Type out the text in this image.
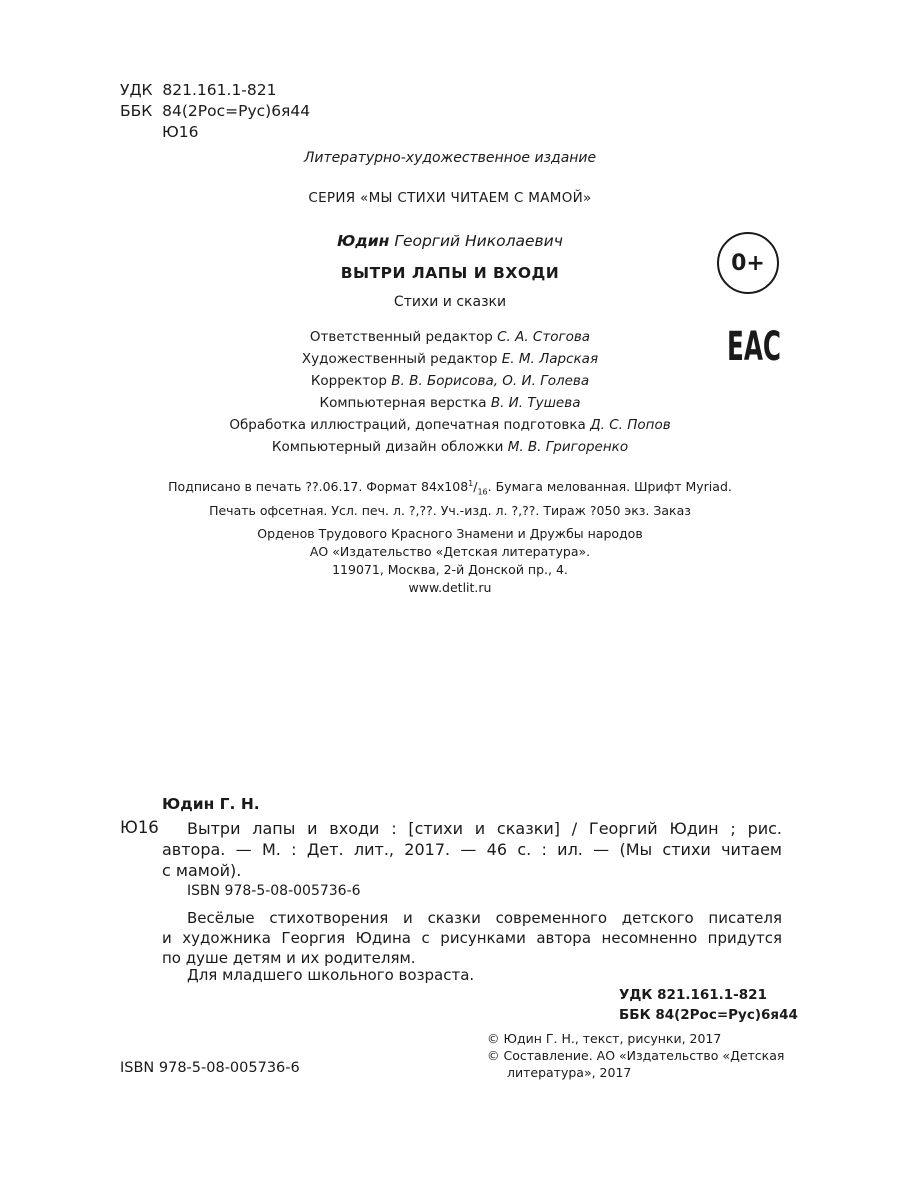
УДК 821.161.1-821
ББК 84(2Рос=Рус)6я44
Ю16
Литературно-художественное издание
СЕРИЯ «МЫ СТИХИ ЧИТАЕМ С МАМОЙ»
Юдин Георгий Николаевич
ВЫТРИ ЛАПЫ И ВХОДИ
Стихи и сказки
0+
EAC
Ответственный редактор С. А. Стогова
Художественный редактор Е. М. Ларская
Корректор В. В. Борисова, О. И. Голева
Компьютерная верстка В. И. Тушева
Обработка иллюстраций, допечатная подготовка Д. С. Попов
Компьютерный дизайн обложки М. В. Григоренко
Подписано в печать ??.06.17. Формат $84х108^1/_{16}$. Бумага мелованная. Шрифт Myriad.
Печать офсетная. Усл. печ. л. ?,??. Уч.-изд. л. ?,??. Тираж ?050 экз. Заказ
Орденов Трудового Красного Знамени и Дружбы народов
АО «Издательство «Детская литература».
119071, Москва, 2-й Донской пр., 4.
www.detlit.ru
Юдин Г. Н.
Ю16	Вытри лапы и входи : [стихи и сказки] / Георгий Юдин ; рис.
автора. — М. : Дет. лит., 2017. — 46 с. : ил. — (Мы стихи читаем
с мамой).
ISBN 978-5-08-005736-6
Весёлые стихотворения и сказки современного детского писателя
и художника Георгия Юдина с рисунками автора несомненно придутся
по душе детям и их родителям.
Для младшего школьного возраста.
УДК 821.161.1-821
ББК 84(2Рос=Рус)6я44
© Юдин Г. Н., текст, рисунки, 2017
© Составление. АО «Издательство «Детская литература», 2017
ISBN 978-5-08-005736-6
